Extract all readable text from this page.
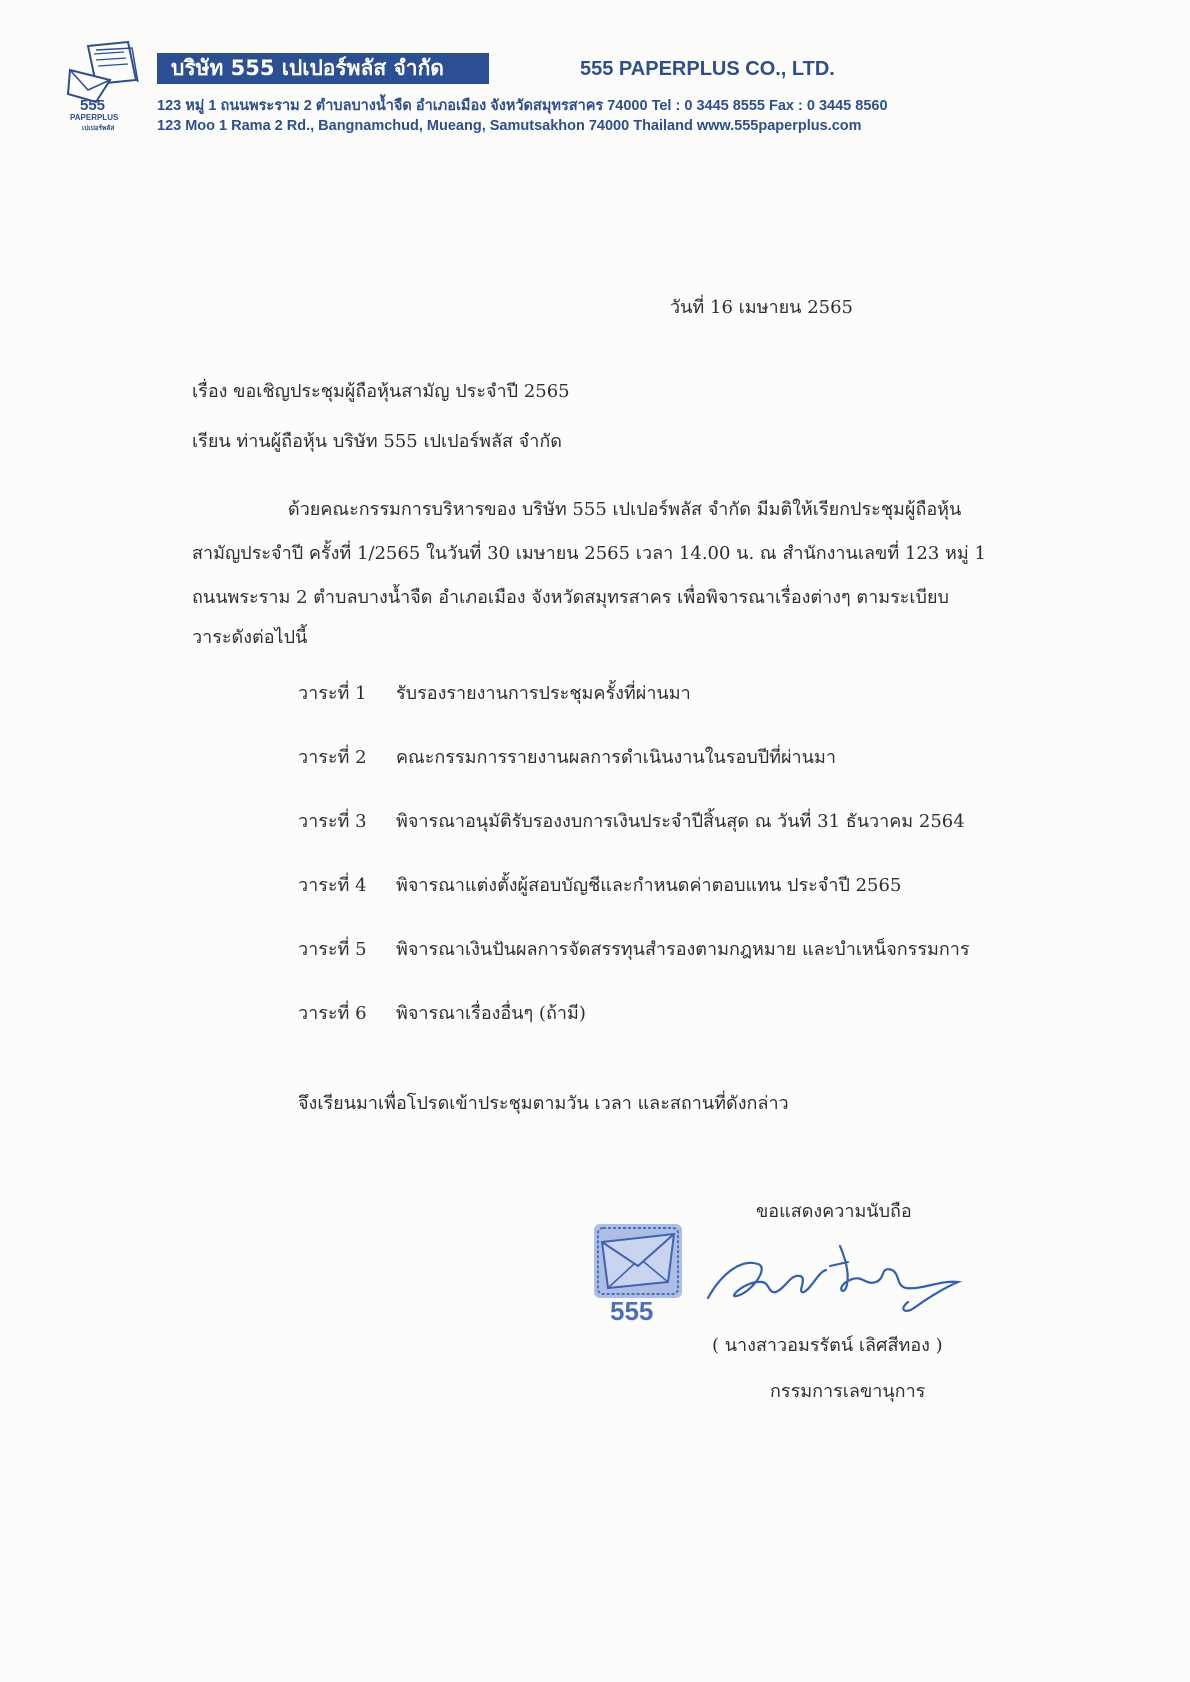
555
PAPERPLUS
เปเปอร์พลัส
บริษัท 555 เปเปอร์พลัส จำกัด	555 PAPERPLUS CO., LTD.
123 หมู่ 1 ถนนพระราม 2 ตำบลบางน้ำจืด อำเภอเมือง จังหวัดสมุทรสาคร 74000 Tel : 0 3445 8555 Fax : 0 3445 8560
123 Moo 1 Rama 2 Rd., Bangnamchud, Mueang, Samutsakhon 74000 Thailand www.555paperplus.com
วันที่ 16 เมษายน 2565
เรื่อง ขอเชิญประชุมผู้ถือหุ้นสามัญ ประจำปี 2565
เรียน ท่านผู้ถือหุ้น บริษัท 555 เปเปอร์พลัส จำกัด
ด้วยคณะกรรมการบริหารของ บริษัท 555 เปเปอร์พลัส จำกัด มีมติให้เรียกประชุมผู้ถือหุ้น
สามัญประจำปี ครั้งที่ 1/2565 ในวันที่ 30 เมษายน 2565 เวลา 14.00 น. ณ สำนักงานเลขที่ 123 หมู่ 1
ถนนพระราม 2 ตำบลบางน้ำจืด อำเภอเมือง จังหวัดสมุทรสาคร เพื่อพิจารณาเรื่องต่างๆ ตามระเบียบ
วาระดังต่อไปนี้
วาระที่ 1 รับรองรายงานการประชุมครั้งที่ผ่านมา
วาระที่ 2 คณะกรรมการรายงานผลการดำเนินงานในรอบปีที่ผ่านมา
วาระที่ 3 พิจารณาอนุมัติรับรองงบการเงินประจำปีสิ้นสุด ณ วันที่ 31 ธันวาคม 2564
วาระที่ 4 พิจารณาแต่งตั้งผู้สอบบัญชีและกำหนดค่าตอบแทน ประจำปี 2565
วาระที่ 5 พิจารณาเงินปันผลการจัดสรรทุนสำรองตามกฎหมาย และบำเหน็จกรรมการ
วาระที่ 6 พิจารณาเรื่องอื่นๆ (ถ้ามี)
จึงเรียนมาเพื่อโปรดเข้าประชุมตามวัน เวลา และสถานที่ดังกล่าว
ขอแสดงความนับถือ
555
( นางสาวอมรรัตน์ เลิศสีทอง )
กรรมการเลขานุการ
